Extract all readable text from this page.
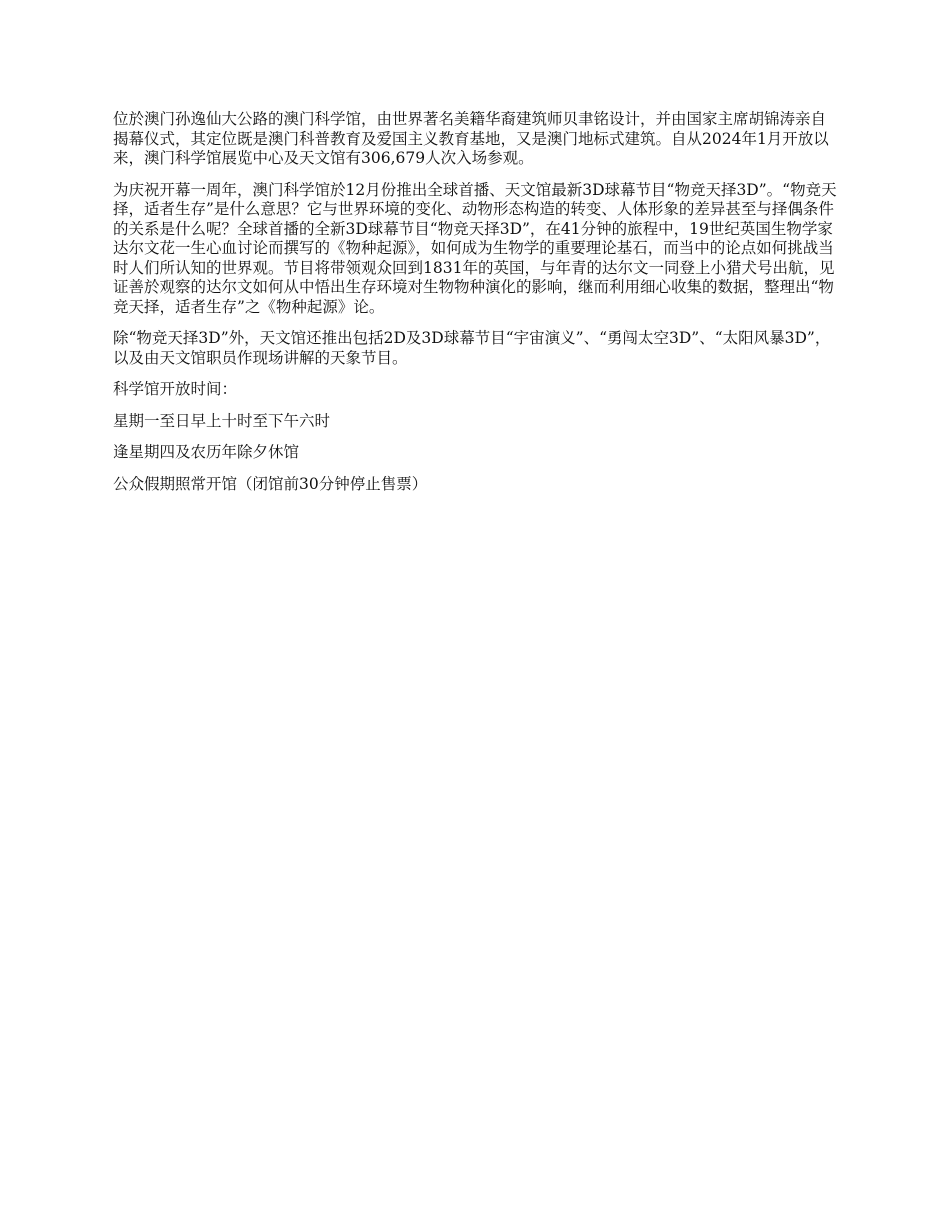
位於澳门孙逸仙大公路的澳门科学馆，由世界著名美籍华裔建筑师贝聿铭设计，并由国家主席胡锦涛亲自揭幕仪式，其定位既是澳门科普教育及爱国主义教育基地，又是澳门地标式建筑。自从2024年1月开放以来，澳门科学馆展览中心及天文馆有306,679人次入场参观。

为庆祝开幕一周年，澳门科学馆於12月份推出全球首播、天文馆最新3D球幕节目“物竞天择3D”。“物竞天择，适者生存”是什么意思？它与世界环境的变化、动物形态构造的转变、人体形象的差异甚至与择偶条件的关系是什么呢？全球首播的全新3D球幕节目“物竞天择3D”，在41分钟的旅程中，19世纪英国生物学家达尔文花一生心血讨论而撰写的《物种起源》，如何成为生物学的重要理论基石，而当中的论点如何挑战当时人们所认知的世界观。节目将带领观众回到1831年的英国，与年青的达尔文一同登上小猎犬号出航，见证善於观察的达尔文如何从中悟出生存环境对生物物种演化的影响，继而利用细心收集的数据，整理出“物竞天择，适者生存”之《物种起源》论。

除“物竞天择3D”外，天文馆还推出包括2D及3D球幕节目“宇宙演义”、“勇闯太空3D”、“太阳风暴3D”，以及由天文馆职员作现场讲解的天象节目。

科学馆开放时间：

星期一至日早上十时至下午六时

逢星期四及农历年除夕休馆

公众假期照常开馆（闭馆前30分钟停止售票）
